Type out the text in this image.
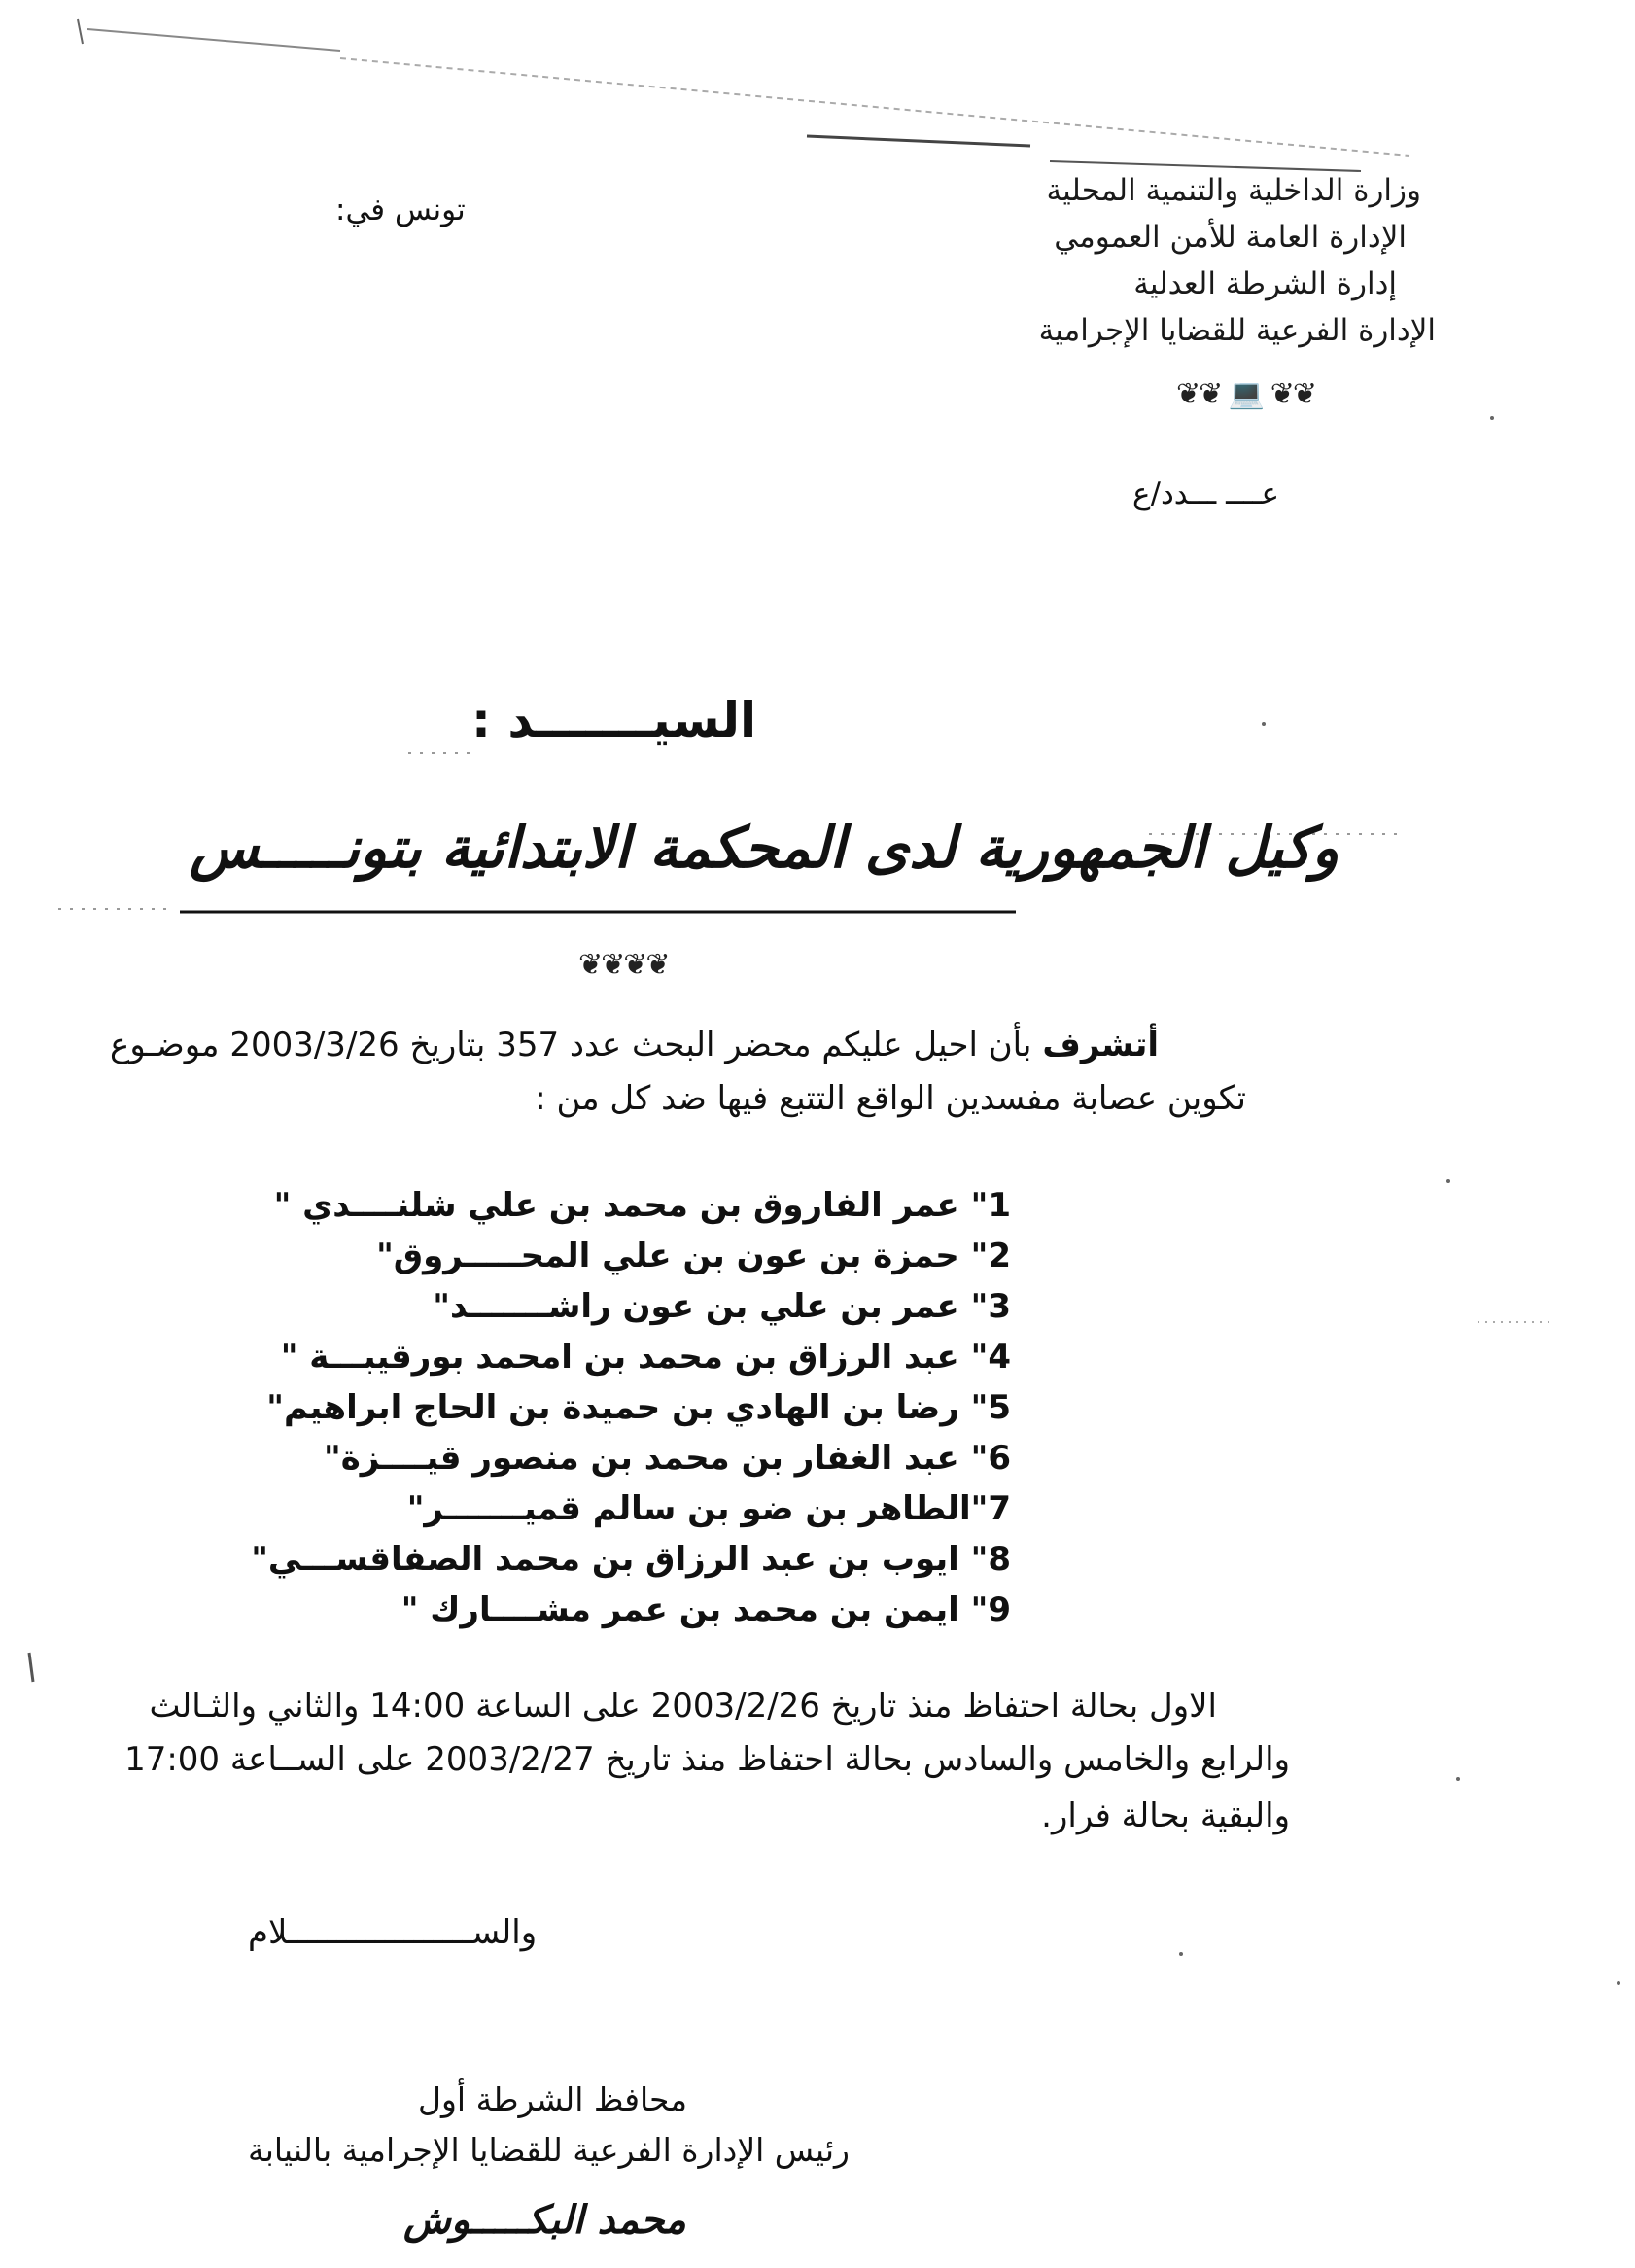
وزارة الداخلية والتنمية المحلية
الإدارة العامة للأمن العمومي
إدارة الشرطة العدلية
الإدارة الفرعية للقضايا الإجرامية
❦❦ 💻 ❦❦
تونس في:
عــــ ـــدد/ع
السيـــــــد :
وكيل الجمهورية لدى المحكمة الابتدائية بتونـــــس
❦❦❦❦
أتشرف بأن احيل عليكم محضر البحث عدد 357 بتاريخ 2003/3/26 موضـوع
تكوين عصابة مفسدين الواقع التتبع فيها ضد كل من :
1" عمر الفاروق بن محمد بن علي شلنــــدي "
2" حمزة بن عون بن علي المحـــــروق"
3" عمر بن علي بن عون راشـــــــد"
4" عبد الرزاق بن محمد بن امحمد بورقيبـــة "
5" رضا بن الهادي بن حميدة بن الحاج ابراهيم"
6" عبد الغفار بن محمد بن منصور قيــــزة"
7"الطاهر بن ضو بن سالم قميـــــــر"
8" ايوب بن عبد الرزاق بن محمد الصفاقســـي"
9" ايمن بن محمد بن عمر مشــــارك "
الاول بحالة احتفاظ منذ تاريخ 2003/2/26 على الساعة 14:00 والثاني والثـالث
والرابع والخامس والسادس بحالة احتفاظ منذ تاريخ 2003/2/27 على الســاعة 17:00
والبقية بحالة فرار.
والســـــــــــــــــــلام
محافظ الشرطة أول
رئيس الإدارة الفرعية للقضايا الإجرامية بالنيابة
محمد البكـــــوش
